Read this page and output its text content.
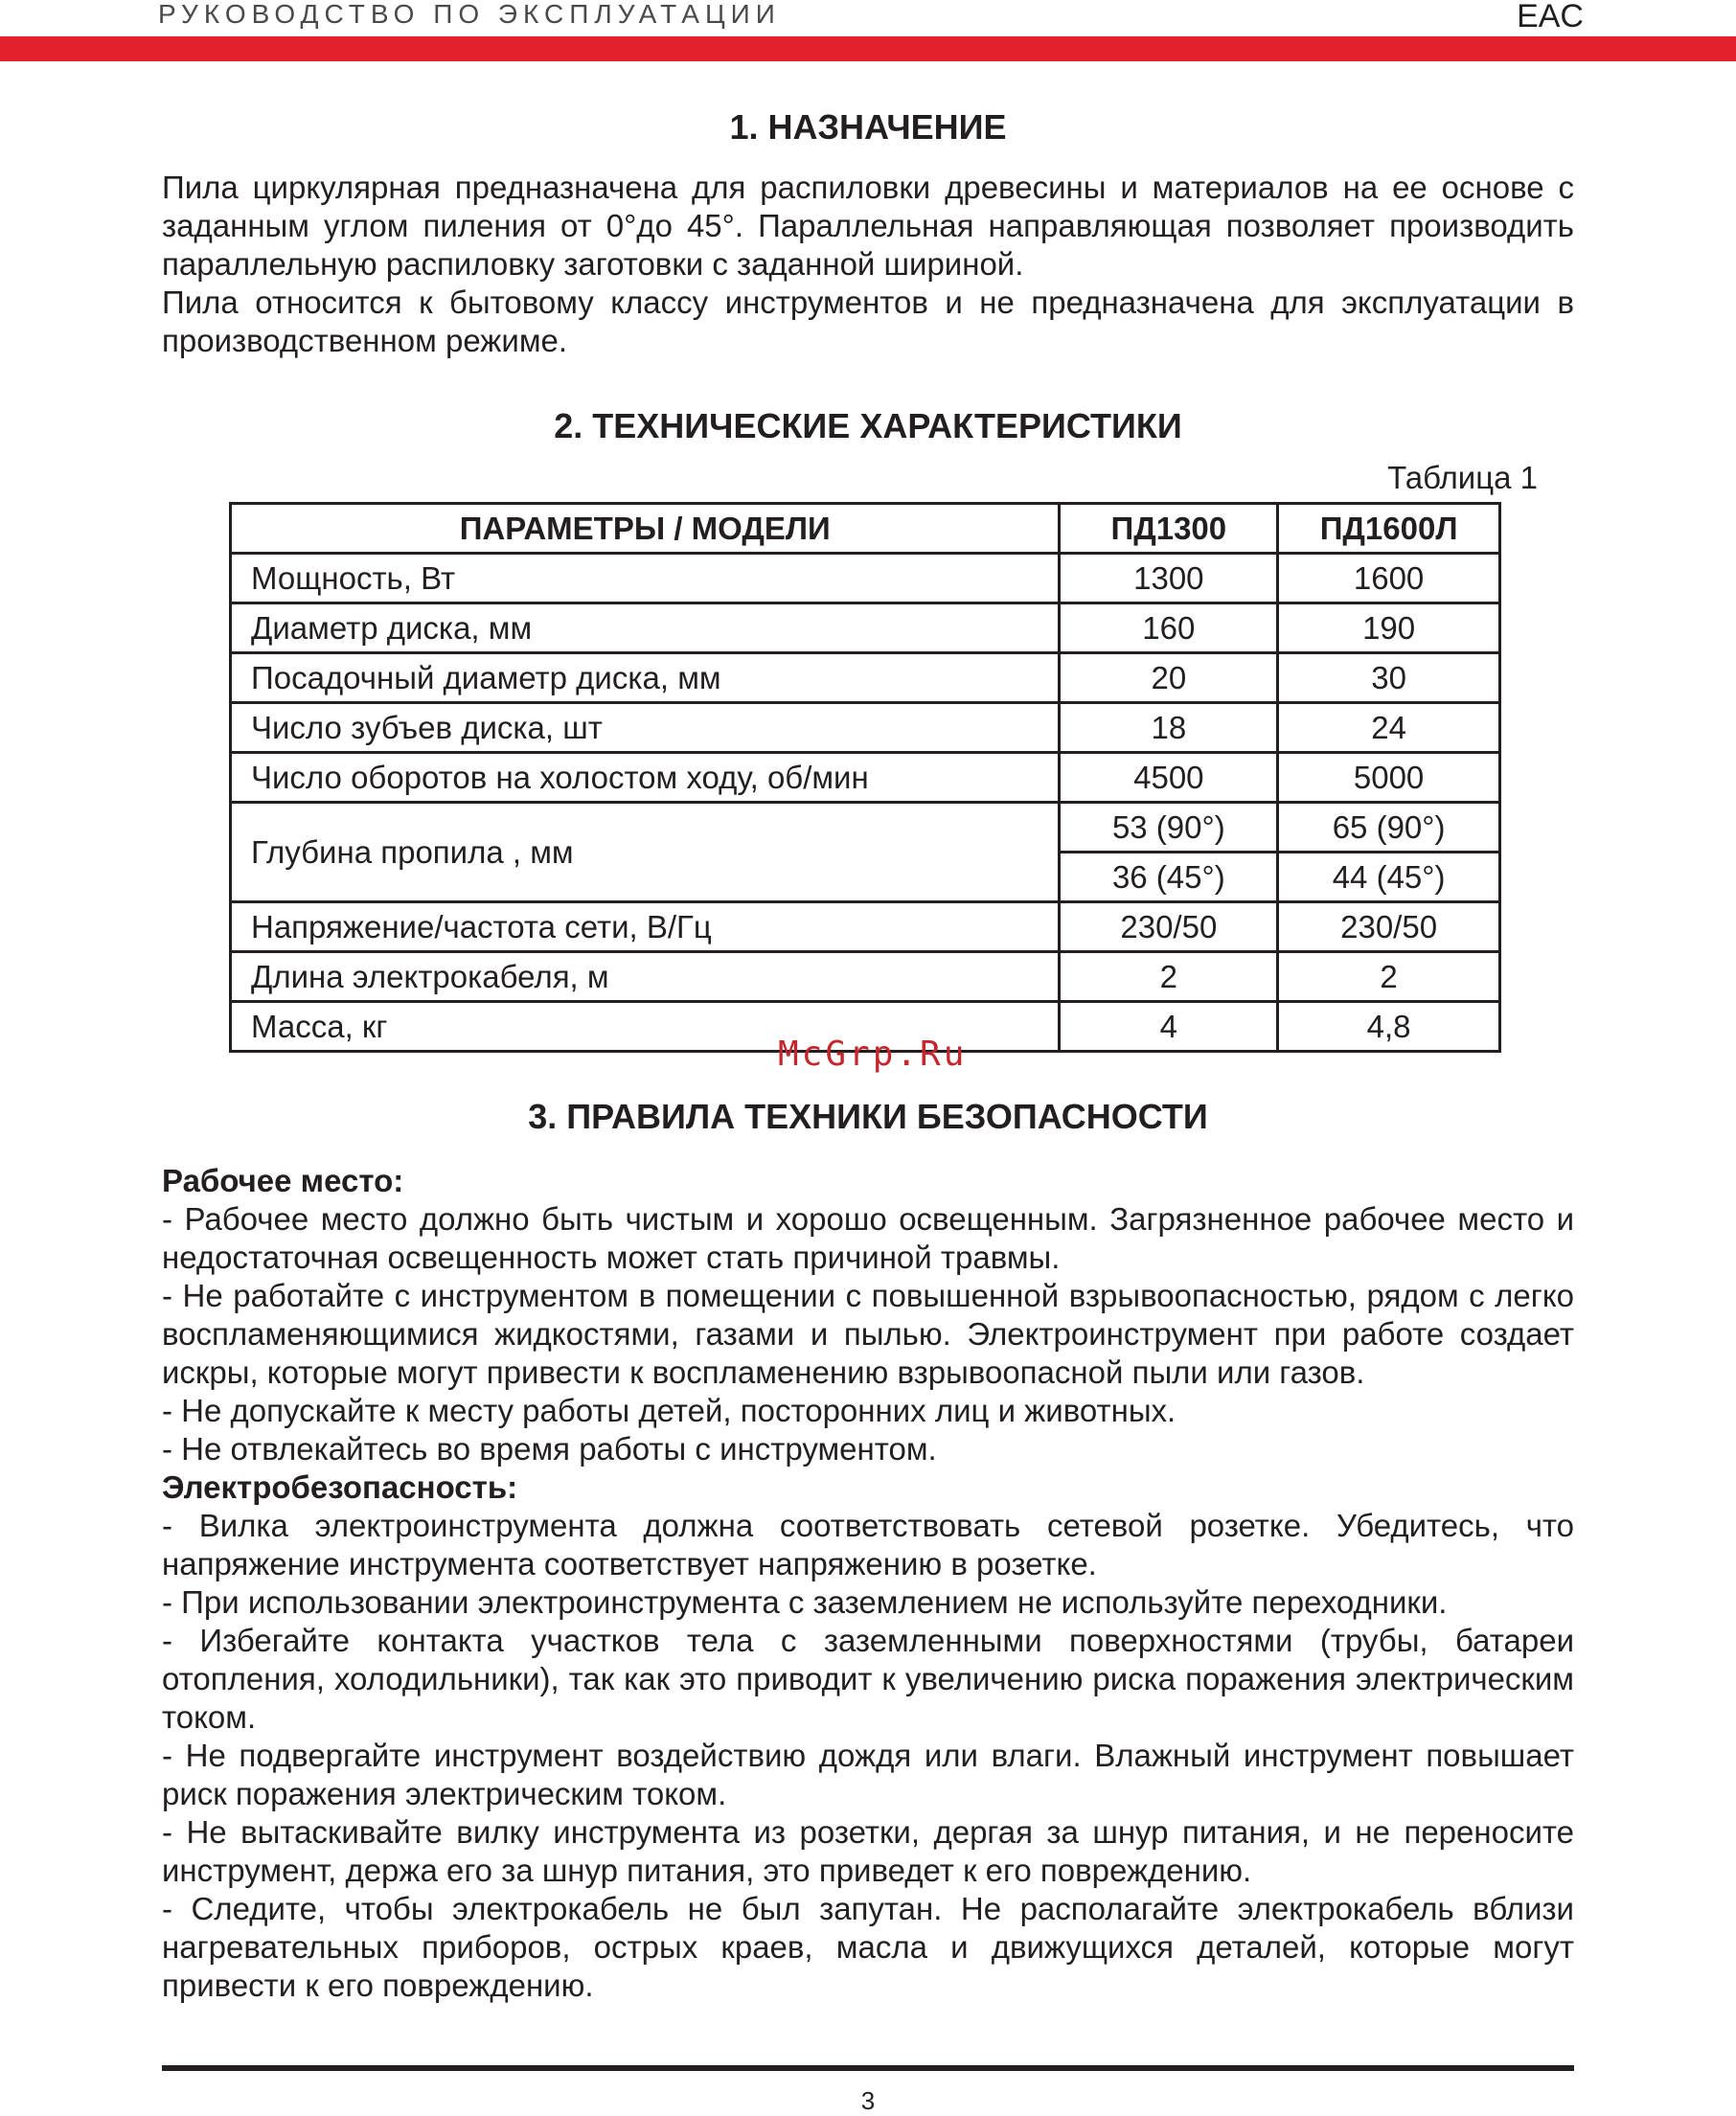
РУКОВОДСТВО ПО ЭКСПЛУАТАЦИИ	EAC
1. НАЗНАЧЕНИЕ

Пила циркулярная предназначена для распиловки древесины и материалов на ее основе с заданным углом пиления от 0°до 45°. Параллельная направляющая позволяет производить параллельную распиловку заготовки с заданной шириной.

Пила относится к бытовому классу инструментов и не предназначена для эксплуатации в производственном режиме.

2. ТЕХНИЧЕСКИЕ ХАРАКТЕРИСТИКИ
Таблица 1
ПАРАМЕТРЫ / МОДЕЛИ	ПД1300	ПД1600Л
Мощность, Вт	1300	1600
Диаметр диска, мм	160	190
Посадочный диаметр диска, мм	20	30
Число зубъев диска, шт	18	24
Число оборотов на холостом ходу, об/мин	4500	5000
Глубина пропила , мм	53 (90°)	65 (90°)
	36 (45°)	44 (45°)
Напряжение/частота сети, В/Гц	230/50	230/50
Длина электрокабеля, м	2	2
Масса, кг	4	4,8
3. ПРАВИЛА ТЕХНИКИ БЕЗОПАСНОСТИ

Рабочее место:

- Рабочее место должно быть чистым и хорошо освещенным. Загрязненное рабочее место и недостаточная освещенность может стать причиной травмы.

- Не работайте с инструментом в помещении с повышенной взрывоопасностью, рядом с легко воспламеняющимися жидкостями, газами и пылью. Электроинструмент при работе создает искры, которые могут привести к воспламенению взрывоопасной пыли или газов.

- Не допускайте к месту работы детей, посторонних лиц и животных.

- Не отвлекайтесь во время работы с инструментом.

Электробезопасность:

- Вилка электроинструмента должна соответствовать сетевой розетке. Убедитесь, что напряжение инструмента соответствует напряжению в розетке.

- При использовании электроинструмента с заземлением не используйте переходники.

- Избегайте контакта участков тела с заземленными поверхностями (трубы, батареи отопления, холодильники), так как это приводит к увеличению риска поражения электрическим током.

- Не подвергайте инструмент воздействию дождя или влаги. Влажный инструмент повышает риск поражения электрическим током.

- Не вытаскивайте вилку инструмента из розетки, дергая за шнур питания, и не переносите инструмент, держа его за шнур питания, это приведет к его повреждению.

- Следите, чтобы электрокабель не был запутан. Не располагайте электрокабель вблизи нагревательных приборов, острых краев, масла и движущихся деталей, которые могут привести к его повреждению.

McGrp.Ru
3
